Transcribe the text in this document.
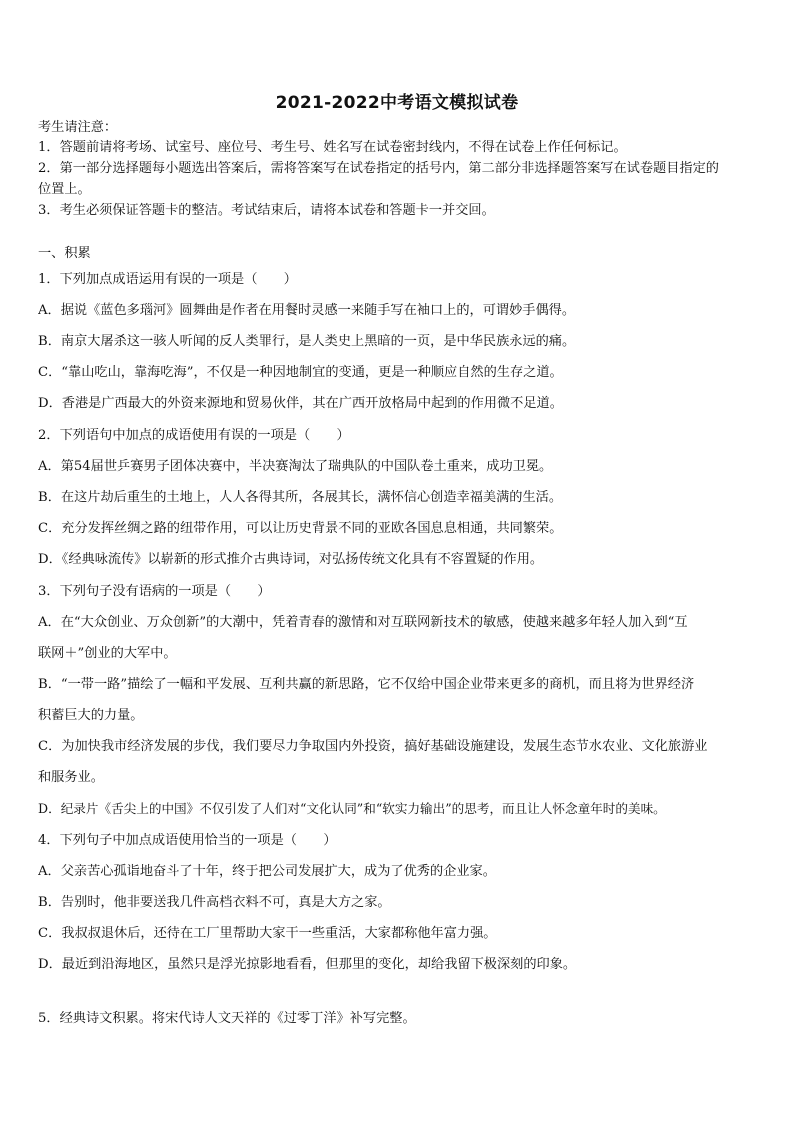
2021-2022中考语文模拟试卷
考生请注意：
1．答题前请将考场、试室号、座位号、考生号、姓名写在试卷密封线内，不得在试卷上作任何标记。
2．第一部分选择题每小题选出答案后，需将答案写在试卷指定的括号内，第二部分非选择题答案写在试卷题目指定的
位置上。
3．考生必须保证答题卡的整洁。考试结束后，请将本试卷和答题卡一并交回。
一、积累
1．下列加点成语运用有误的一项是（　　）
A．据说《蓝色多瑙河》圆舞曲是作者在用餐时灵感一来随手写在袖口上的，可谓妙手偶得。
B．南京大屠杀这一骇人听闻的反人类罪行，是人类史上黑暗的一页，是中华民族永远的痛。
C．“靠山吃山，靠海吃海”，不仅是一种因地制宜的变通，更是一种顺应自然的生存之道。
D．香港是广西最大的外资来源地和贸易伙伴，其在广西开放格局中起到的作用微不足道。
2．下列语句中加点的成语使用有误的一项是（　　）
A．第54届世乒赛男子团体决赛中，半决赛淘汰了瑞典队的中国队卷土重来，成功卫冕。
B．在这片劫后重生的土地上，人人各得其所，各展其长，满怀信心创造幸福美满的生活。
C．充分发挥丝绸之路的纽带作用，可以让历史背景不同的亚欧各国息息相通，共同繁荣。
D．《经典咏流传》以崭新的形式推介古典诗词，对弘扬传统文化具有不容置疑的作用。
3．下列句子没有语病的一项是（　　）
A．在“大众创业、万众创新”的大潮中，凭着青春的激情和对互联网新技术的敏感，使越来越多年轻人加入到“互
联网＋”创业的大军中。
B．“一带一路”描绘了一幅和平发展、互利共赢的新思路，它不仅给中国企业带来更多的商机，而且将为世界经济
积蓄巨大的力量。
C．为加快我市经济发展的步伐，我们要尽力争取国内外投资，搞好基础设施建设，发展生态节水农业、文化旅游业
和服务业。
D．纪录片《舌尖上的中国》不仅引发了人们对“文化认同”和“软实力输出”的思考，而且让人怀念童年时的美味。
4．下列句子中加点成语使用恰当的一项是（　　）
A．父亲苦心孤诣地奋斗了十年，终于把公司发展扩大，成为了优秀的企业家。
B．告别时，他非要送我几件高档衣料不可，真是大方之家。
C．我叔叔退休后，还待在工厂里帮助大家干一些重活，大家都称他年富力强。
D．最近到沿海地区，虽然只是浮光掠影地看看，但那里的变化，却给我留下极深刻的印象。
5．经典诗文积累。将宋代诗人文天祥的《过零丁洋》补写完整。
